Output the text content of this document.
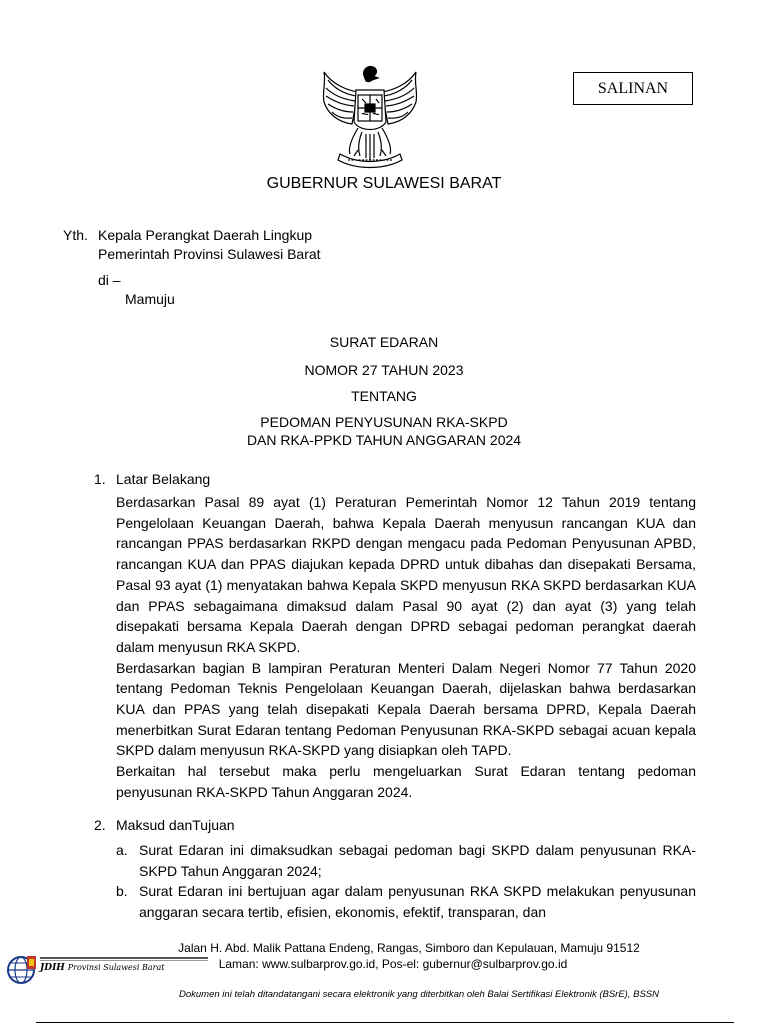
SALINAN
GUBERNUR SULAWESI BARAT
Yth. Kepala Perangkat Daerah Lingkup
Pemerintah Provinsi Sulawesi Barat
di –
Mamuju
SURAT EDARAN
NOMOR 27 TAHUN 2023
TENTANG
PEDOMAN PENYUSUNAN RKA-SKPD
DAN RKA-PPKD TAHUN ANGGARAN 2024
1. Latar Belakang

Berdasarkan Pasal 89 ayat (1) Peraturan Pemerintah Nomor 12 Tahun 2019 tentang Pengelolaan Keuangan Daerah, bahwa Kepala Daerah menyusun rancangan KUA dan rancangan PPAS berdasarkan RKPD dengan mengacu pada Pedoman Penyusunan APBD, rancangan KUA dan PPAS diajukan kepada DPRD untuk dibahas dan disepakati Bersama, Pasal 93 ayat (1) menyatakan bahwa Kepala SKPD menyusun RKA SKPD berdasarkan KUA dan PPAS sebagaimana dimaksud dalam Pasal 90 ayat (2) dan ayat (3) yang telah disepakati bersama Kepala Daerah dengan DPRD sebagai pedoman perangkat daerah dalam menyusun RKA SKPD.

Berdasarkan bagian B lampiran Peraturan Menteri Dalam Negeri Nomor 77 Tahun 2020 tentang Pedoman Teknis Pengelolaan Keuangan Daerah, dijelaskan bahwa berdasarkan KUA dan PPAS yang telah disepakati Kepala Daerah bersama DPRD, Kepala Daerah menerbitkan Surat Edaran tentang Pedoman Penyusunan RKA-SKPD sebagai acuan kepala SKPD dalam menyusun RKA-SKPD yang disiapkan oleh TAPD.

Berkaitan hal tersebut maka perlu mengeluarkan Surat Edaran tentang pedoman penyusunan RKA-SKPD Tahun Anggaran 2024.

2. Maksud danTujuan
a. Surat Edaran ini dimaksudkan sebagai pedoman bagi SKPD dalam penyusunan RKA-SKPD Tahun Anggaran 2024;
b. Surat Edaran ini bertujuan agar dalam penyusunan RKA SKPD melakukan penyusunan anggaran secara tertib, efisien, ekonomis, efektif, transparan, dan
Jalan H. Abd. Malik Pattana Endeng, Rangas, Simboro dan Kepulauan, Mamuju 91512
Laman: www.sulbarprov.go.id, Pos-el: gubernur@sulbarprov.go.id
JDIH Provinsi Sulawesi Barat
Dokumen ini telah ditandatangani secara elektronik yang diterbitkan oleh Balai Sertifikasi Elektronik (BSrE), BSSN
